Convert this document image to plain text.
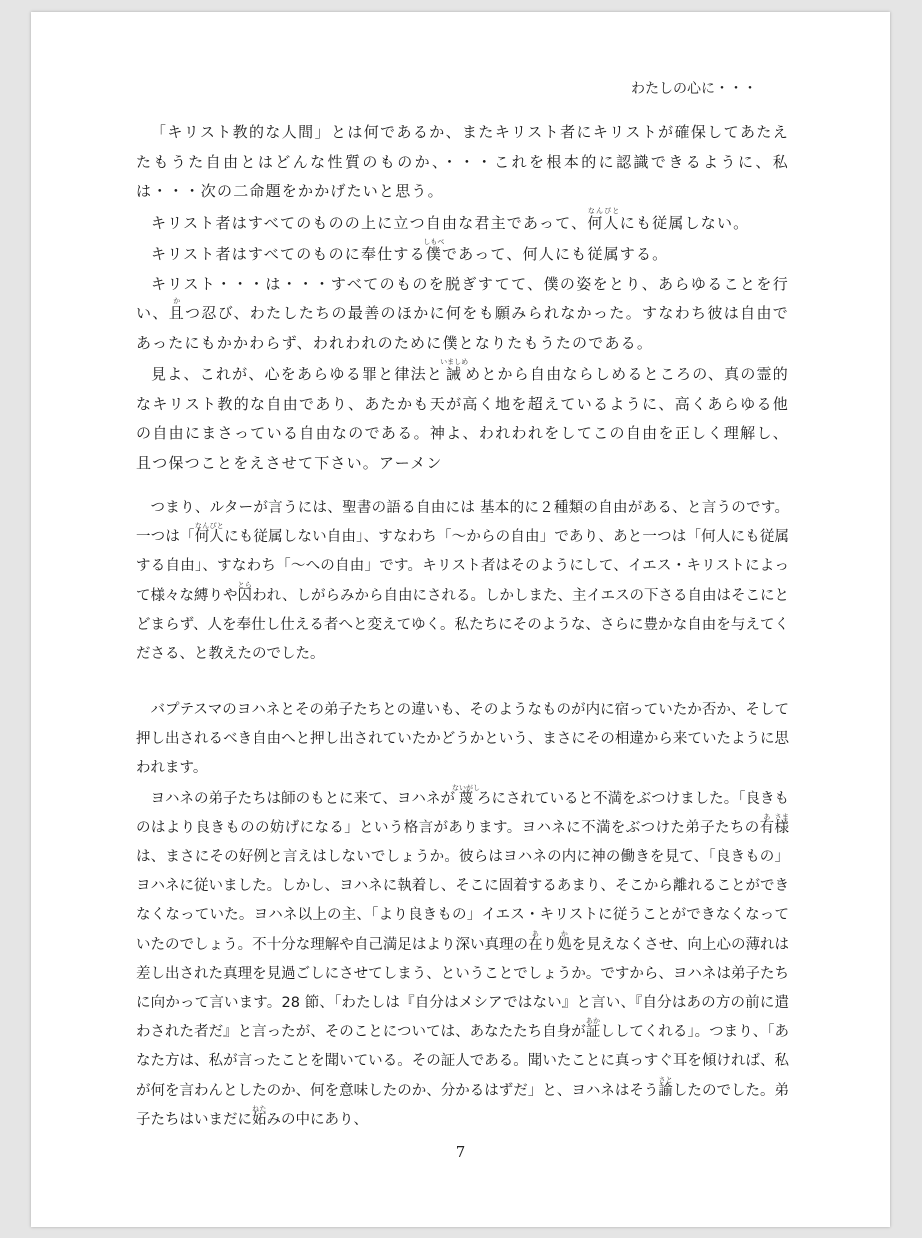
わたしの心に・・・

「キリスト教的な人間」とは何であるか、またキリスト者にキリストが確保してあたえたもうた自由とはどんな性質のものか、・・・これを根本的に認識できるように、私は・・・次の二命題をかかげたいと思う。

キリスト者はすべてのものの上に立つ自由な君主であって、何人なんぴとにも従属しない。

キリスト者はすべてのものに奉仕する僕しもべであって、何人にも従属する。

キリスト・・・は・・・すべてのものを脱ぎすてて、僕の姿をとり、あらゆることを行い、且かつ忍び、わたしたちの最善のほかに何をも願みられなかった。すなわち彼は自由であったにもかかわらず、われわれのために僕となりたもうたのである。

見よ、これが、心をあらゆる罪と律法と誡いましめめとから自由ならしめるところの、真の霊的なキリスト教的な自由であり、あたかも天が高く地を超えているように、高くあらゆる他の自由にまさっている自由なのである。神よ、われわれをしてこの自由を正しく理解し、且つ保つことをえさせて下さい。アーメン

つまり、ルターが言うには、聖書の語る自由には 基本的に２種類の自由がある、と言うのです。一つは「何人なんぴとにも従属しない自由」、すなわち「〜からの自由」であり、あと一つは「何人にも従属する自由」、すなわち「〜への自由」です。キリスト者はそのようにして、イエス・キリストによって様々な縛りや囚とらわれ、しがらみから自由にされる。しかしまた、主イエスの下さる自由はそこにとどまらず、人を奉仕し仕える者へと変えてゆく。私たちにそのような、さらに豊かな自由を与えてくださる、と教えたのでした。

バプテスマのヨハネとその弟子たちとの違いも、そのようなものが内に宿っていたか否か、そして押し出されるべき自由へと押し出されていたかどうかという、まさにその相違から来ていたように思われます。

ヨハネの弟子たちは師のもとに来て、ヨハネが蔑ないがしろにされていると不満をぶつけました。「良きものはより良きものの妨げになる」という格言があります。ヨハネに不満をぶつけた弟子たちの有あ様さまは、まさにその好例と言えはしないでしょうか。彼らはヨハネの内に神の働きを見て、「良きもの」ヨハネに従いました。しかし、ヨハネに執着し、そこに固着するあまり、そこから離れることができなくなっていた。ヨハネ以上の主、「より良きもの」イエス・キリストに従うことができなくなっていたのでしょう。不十分な理解や自己満足はより深い真理の在あり処かを見えなくさせ、向上心の薄れは差し出された真理を見過ごしにさせてしまう、ということでしょうか。ですから、ヨハネは弟子たちに向かって言います。28 節、「わたしは『自分はメシアではない』と言い、『自分はあの方の前に遣わされた者だ』と言ったが、そのことについては、あなたたち自身が証あかししてくれる」。つまり、「あなた方は、私が言ったことを聞いている。その証人である。聞いたことに真っすぐ耳を傾ければ、私が何を言わんとしたのか、何を意味したのか、分かるはずだ」と、ヨハネはそう諭さとしたのでした。弟子たちはいまだに妬ねたみの中にあり、

7
